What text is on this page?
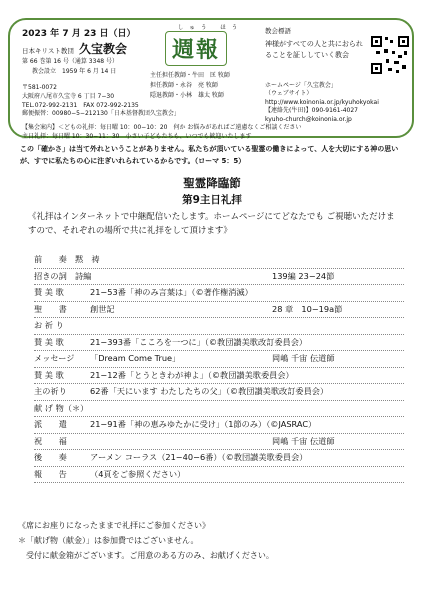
2023 年 7 月 23 日（日）
日本キリスト教団 久宝教会
第 66 巻第 16 号（通算 3348 号）
教会設立　1959 年 6 月 14 日
しゅう ほう
週報
主任担任教師・牛田　匡 牧師
担任教師・永谷　亮 牧師
隠退教師・小林　雄太 牧師
〒581-0072
大阪府八尾市久宝寺 6 丁目 7−30
TEL.072-992-2131　FAX 072-992-2135
郵便振替：00980−5−212130「日本基督教団久宝教会」
【集会案内】＜どもの礼拝：毎日曜 10：00−10：20　何か お悩みがあればご遠慮なくご相談ください
主日礼拝：毎日曜 10：30−11：30　小さい子どもたちも、いつでも歓迎いたします
教会標語
神様がすべての人と共におられることを証ししていく教会
ホームページ「久宝教会」
（ウェブサイト）
http://www.koinonia.or.jp/kyuhokyokai
【連絡先(牛田)】090-9161-4027
kyuho-church@koinonia.or.jp
この「確かさ」は当て外れということがありません。私たちが頂いている聖霊の働きによって、人を大切にする神の思いが、すでに私たちの心に注ぎいれられているからです。（ローマ 5：5）
聖霊降臨節
第9主日礼拝
《礼拝はインターネットで中継配信いたします。ホームページにてどなたでも ご視聴いただけますので、それぞれの場所で共に礼拝をして頂けます》
前　　奏　黙　祷
招きの詞　詩編	139編 23−24節
賛 美 歌	21−53番「神のみ言葉は」（©著作権消滅）
聖　　書	創世記	28 章　10−19a節
お 祈 り
賛 美 歌	21−393番「こころを一つに」（©教団讃美歌改訂委員会）
メッセージ 「Dream Come True」	岡嶋 千宙 伝道師
賛 美 歌	21−12番「とうときわが神よ」（©教団讃美歌委員会）
主の祈り	62番「天にいます わたしたちの父」（©教団讃美歌改訂委員会）
献 げ 物（＊）
派　　遣	21−91番「神の恵みゆたかに受け」（1節のみ）（©JASRAC）
祝　　福	岡嶋 千宙 伝道師
後　　奏	アーメン コーラス（21−40−6番）（©教団讃美歌委員会）
報　　告	（4頁をご参照ください）
《席にお座りになったままで礼拝にご参加ください》
＊「献げ物（献金）」は参加費ではございません。
　受付に献金箱がございます。ご用意のある方のみ、お献げください。
